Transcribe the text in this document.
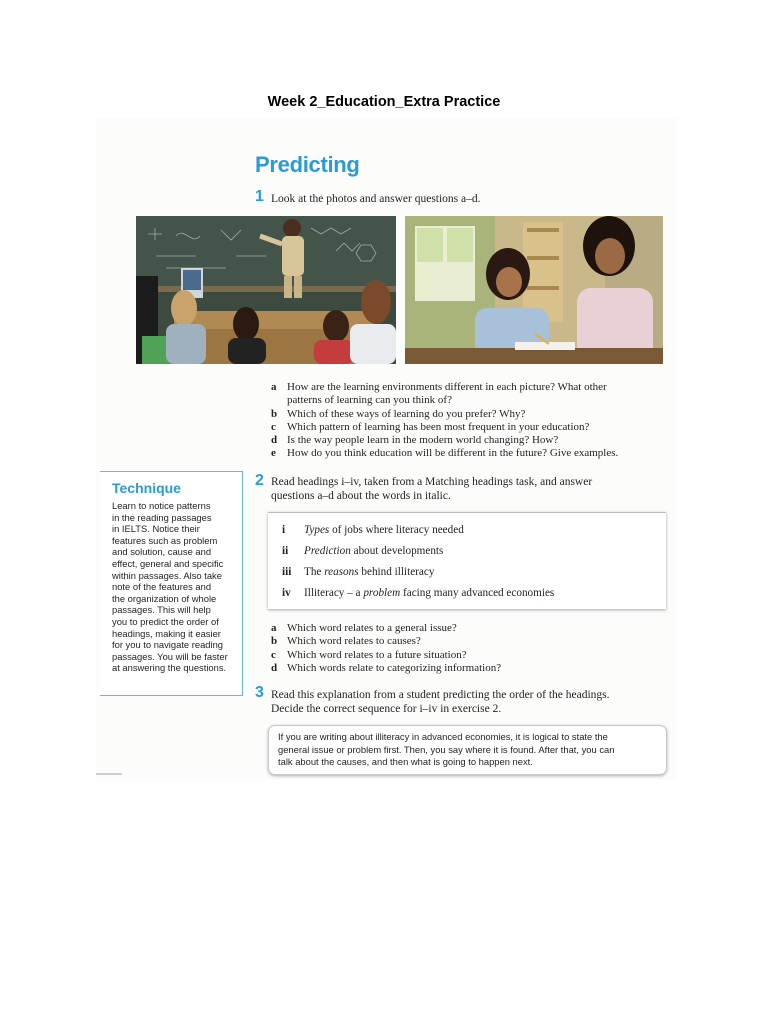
Week 2_Education_Extra Practice
Predicting
1 Look at the photos and answer questions a–d.
a How are the learning environments different in each picture? What other
patterns of learning can you think of?
b Which of these ways of learning do you prefer? Why?
c Which pattern of learning has been most frequent in your education?
d Is the way people learn in the modern world changing? How?
e How do you think education will be different in the future? Give examples.
Technique
Learn to notice patterns
in the reading passages
in IELTS. Notice their
features such as problem
and solution, cause and
effect, general and specific
within passages. Also take
note of the features and
the organization of whole
passages. This will help
you to predict the order of
headings, making it easier
for you to navigate reading
passages. You will be faster
at answering the questions.
2 Read headings i–iv, taken from a Matching headings task, and answer
questions a–d about the words in italic.
i Types of jobs where literacy needed
ii Prediction about developments
iii The reasons behind illiteracy
iv Illiteracy – a problem facing many advanced economies
a Which word relates to a general issue?
b Which word relates to causes?
c Which word relates to a future situation?
d Which words relate to categorizing information?
3 Read this explanation from a student predicting the order of the headings.
Decide the correct sequence for i–iv in exercise 2.
If you are writing about illiteracy in advanced economies, it is logical to state the
general issue or problem first. Then, you say where it is found. After that, you can
talk about the causes, and then what is going to happen next.
